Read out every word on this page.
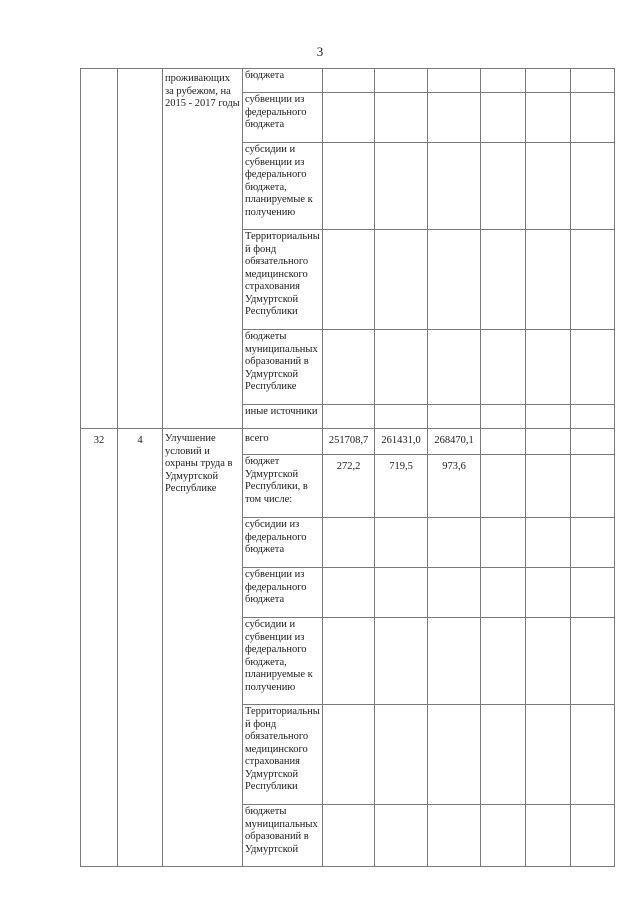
3
		проживающих за рубежом, на 2015 - 2017 годы	бюджета						
			субвенции из федерального бюджета						
			субсидии и субвенции из федерального бюджета, планируемые к получению						
			Территориальный фонд обязательного медицинского страхования Удмуртской Республики						
			бюджеты муниципальных образований в Удмуртской Республике						
			иные источники						
32	4	Улучшение условий и охраны труда в Удмуртской Республике	всего	251708,7	261431,0	268470,1			
			бюджет Удмуртской Республики, в том числе:	272,2	719,5	973,6			
			субсидии из федерального бюджета						
			субвенции из федерального бюджета						
			субсидии и субвенции из федерального бюджета, планируемые к получению						
			Территориальный фонд обязательного медицинского страхования Удмуртской Республики						
			бюджеты муниципальных образований в Удмуртской						
